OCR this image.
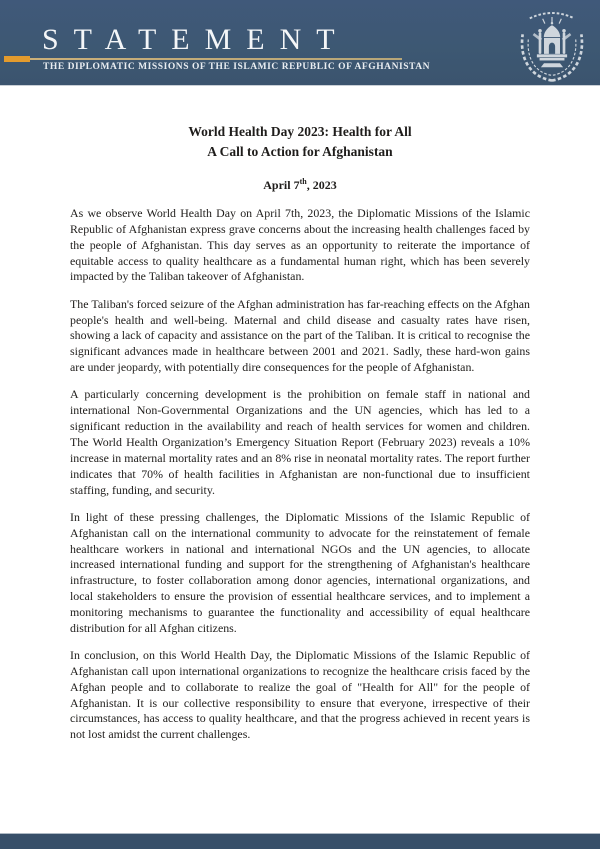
STATEMENT
THE DIPLOMATIC MISSIONS OF THE ISLAMIC REPUBLIC OF AFGHANISTAN
World Health Day 2023: Health for All
A Call to Action for Afghanistan
April 7th, 2023

As we observe World Health Day on April 7th, 2023, the Diplomatic Missions of the Islamic Republic of Afghanistan express grave concerns about the increasing health challenges faced by the people of Afghanistan. This day serves as an opportunity to reiterate the importance of equitable access to quality healthcare as a fundamental human right, which has been severely impacted by the Taliban takeover of Afghanistan.

The Taliban's forced seizure of the Afghan administration has far-reaching effects on the Afghan people's health and well-being. Maternal and child disease and casualty rates have risen, showing a lack of capacity and assistance on the part of the Taliban. It is critical to recognise the significant advances made in healthcare between 2001 and 2021. Sadly, these hard-won gains are under jeopardy, with potentially dire consequences for the people of Afghanistan.

A particularly concerning development is the prohibition on female staff in national and international Non-Governmental Organizations and the UN agencies, which has led to a significant reduction in the availability and reach of health services for women and children. The World Health Organization’s Emergency Situation Report (February 2023) reveals a 10% increase in maternal mortality rates and an 8% rise in neonatal mortality rates. The report further indicates that 70% of health facilities in Afghanistan are non-functional due to insufficient staffing, funding, and security.

In light of these pressing challenges, the Diplomatic Missions of the Islamic Republic of Afghanistan call on the international community to advocate for the reinstatement of female healthcare workers in national and international NGOs and the UN agencies, to allocate increased international funding and support for the strengthening of Afghanistan's healthcare infrastructure, to foster collaboration among donor agencies, international organizations, and local stakeholders to ensure the provision of essential healthcare services, and to implement a monitoring mechanisms to guarantee the functionality and accessibility of equal healthcare distribution for all Afghan citizens.

In conclusion, on this World Health Day, the Diplomatic Missions of the Islamic Republic of Afghanistan call upon international organizations to recognize the healthcare crisis faced by the Afghan people and to collaborate to realize the goal of "Health for All" for the people of Afghanistan. It is our collective responsibility to ensure that everyone, irrespective of their circumstances, has access to quality healthcare, and that the progress achieved in recent years is not lost amidst the current challenges.
